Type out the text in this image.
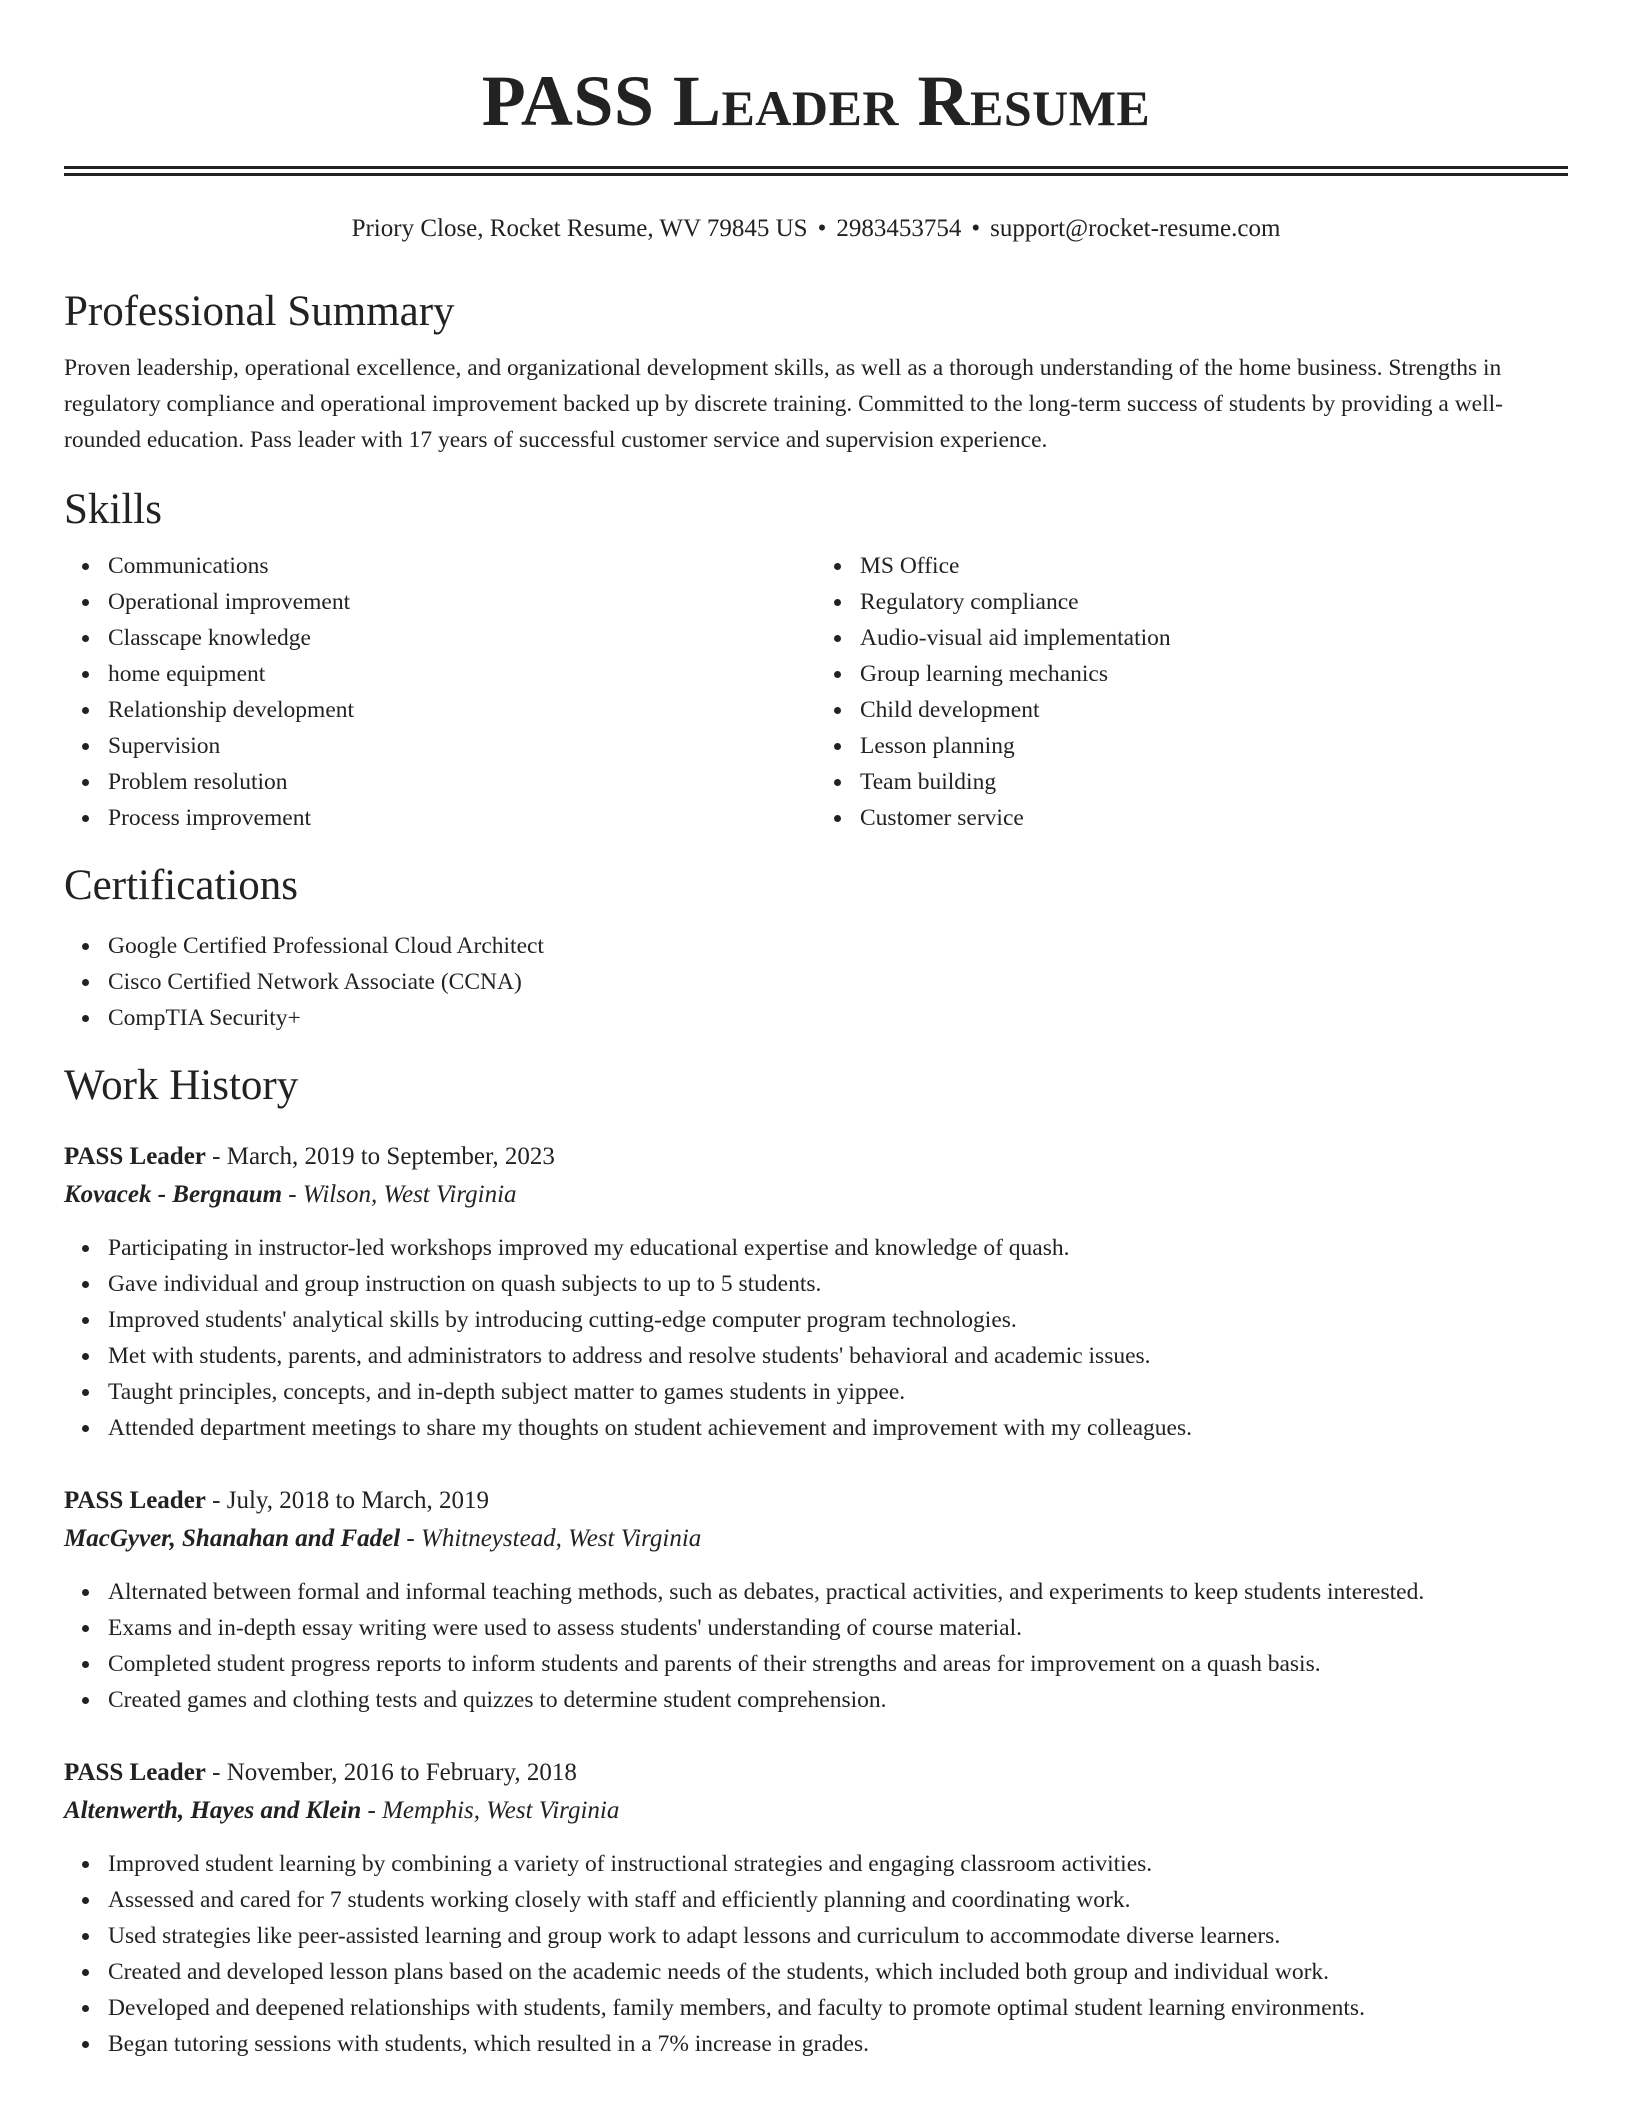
PASS Leader Resume
Priory Close, Rocket Resume, WV 79845 US • 2983453754 • support@rocket-resume.com
Professional Summary

Proven leadership, operational excellence, and organizational development skills, as well as a thorough understanding of the home business. Strengths in regulatory compliance and operational improvement backed up by discrete training. Committed to the long-term success of students by providing a well-rounded education. Pass leader with 17 years of successful customer service and supervision experience.

Skills
Communications
Operational improvement
Classcape knowledge
home equipment
Relationship development
Supervision
Problem resolution
Process improvement
MS Office
Regulatory compliance
Audio-visual aid implementation
Group learning mechanics
Child development
Lesson planning
Team building
Customer service
Certifications
Google Certified Professional Cloud Architect
Cisco Certified Network Associate (CCNA)
CompTIA Security+
Work History
PASS Leader - March, 2019 to September, 2023
Kovacek - Bergnaum - Wilson, West Virginia
Participating in instructor-led workshops improved my educational expertise and knowledge of quash.
Gave individual and group instruction on quash subjects to up to 5 students.
Improved students' analytical skills by introducing cutting-edge computer program technologies.
Met with students, parents, and administrators to address and resolve students' behavioral and academic issues.
Taught principles, concepts, and in-depth subject matter to games students in yippee.
Attended department meetings to share my thoughts on student achievement and improvement with my colleagues.
PASS Leader - July, 2018 to March, 2019
MacGyver, Shanahan and Fadel - Whitneystead, West Virginia
Alternated between formal and informal teaching methods, such as debates, practical activities, and experiments to keep students interested.
Exams and in-depth essay writing were used to assess students' understanding of course material.
Completed student progress reports to inform students and parents of their strengths and areas for improvement on a quash basis.
Created games and clothing tests and quizzes to determine student comprehension.
PASS Leader - November, 2016 to February, 2018
Altenwerth, Hayes and Klein - Memphis, West Virginia
Improved student learning by combining a variety of instructional strategies and engaging classroom activities.
Assessed and cared for 7 students working closely with staff and efficiently planning and coordinating work.
Used strategies like peer-assisted learning and group work to adapt lessons and curriculum to accommodate diverse learners.
Created and developed lesson plans based on the academic needs of the students, which included both group and individual work.
Developed and deepened relationships with students, family members, and faculty to promote optimal student learning environments.
Began tutoring sessions with students, which resulted in a 7% increase in grades.
